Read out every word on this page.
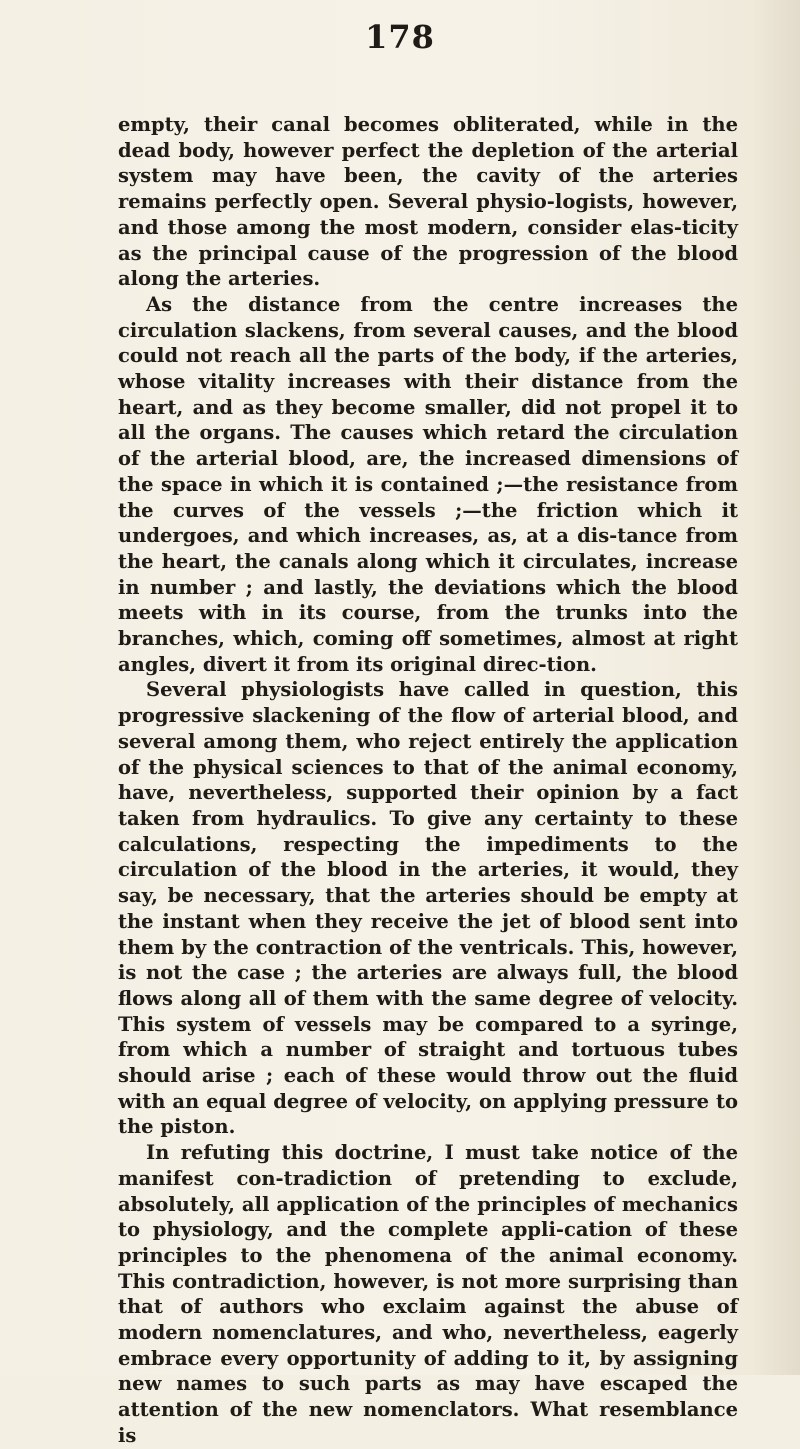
178

empty, their canal becomes obliterated, while in the dead body, however perfect the depletion of the arterial system may have been, the cavity of the arteries remains perfectly open. Several physio-logists, however, and those among the most modern, consider elas-ticity as the principal cause of the progression of the blood along the arteries.

As the distance from the centre increases the circulation slackens, from several causes, and the blood could not reach all the parts of the body, if the arteries, whose vitality increases with their distance from the heart, and as they become smaller, did not propel it to all the organs. The causes which retard the circulation of the arterial blood, are, the increased dimensions of the space in which it is contained ;—the resistance from the curves of the vessels ;—the friction which it undergoes, and which increases, as, at a dis-tance from the heart, the canals along which it circulates, increase in number ; and lastly, the deviations which the blood meets with in its course, from the trunks into the branches, which, coming off sometimes, almost at right angles, divert it from its original direc-tion.

Several physiologists have called in question, this progressive slackening of the flow of arterial blood, and several among them, who reject entirely the application of the physical sciences to that of the animal economy, have, nevertheless, supported their opinion by a fact taken from hydraulics. To give any certainty to these calculations, respecting the impediments to the circulation of the blood in the arteries, it would, they say, be necessary, that the arteries should be empty at the instant when they receive the jet of blood sent into them by the contraction of the ventricals. This, however, is not the case ; the arteries are always full, the blood flows along all of them with the same degree of velocity. This system of vessels may be compared to a syringe, from which a number of straight and tortuous tubes should arise ; each of these would throw out the fluid with an equal degree of velocity, on applying pressure to the piston.

In refuting this doctrine, I must take notice of the manifest con-tradiction of pretending to exclude, absolutely, all application of the principles of mechanics to physiology, and the complete appli-cation of these principles to the phenomena of the animal economy. This contradiction, however, is not more surprising than that of authors who exclaim against the abuse of modern nomenclatures, and who, nevertheless, eagerly embrace every opportunity of adding to it, by assigning new names to such parts as may have escaped the attention of the new nomenclators. What resemblance is
